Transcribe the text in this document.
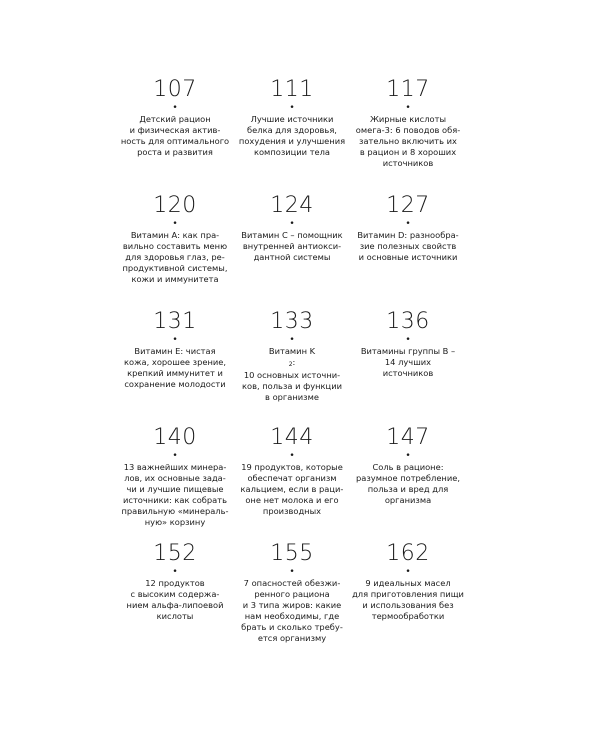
107
•
Детский рацион
и физическая актив-
ность для оптимального
роста и развития
111
•
Лучшие источники
белка для здоровья,
похудения и улучшения
композиции тела
117
•
Жирные кислоты
омега-3: 6 поводов обя-
зательно включить их
в рацион и 8 хороших
источников
120
•
Витамин А: как пра-
вильно составить меню
для здоровья глаз, ре-
продуктивной системы,
кожи и иммунитета
124
•
Витамин С – помощник
внутренней антиокси-
дантной системы
127
•
Витамин D: разнообра-
зие полезных свойств
и основные источники
131
•
Витамин Е: чистая
кожа, хорошее зрение,
крепкий иммунитет и
сохранение молодости
133
•
Витамин K
$_2$:
10 основных источни-
ков, польза и функции
в организме
136
•
Витамины группы В –
14 лучших
источников
140
•
13 важнейших минера-
лов, их основные зада-
чи и лучшие пищевые
источники: как собрать
правильную «минераль-
ную» корзину
144
•
19 продуктов, которые
обеспечат организм
кальцием, если в раци-
оне нет молока и его
производных
147
•
Соль в рационе:
разумное потребление,
польза и вред для
организма
152
•
12 продуктов
с высоким содержа-
нием альфа-липоевой
кислоты
155
•
7 опасностей обезжи-
ренного рациона
и 3 типа жиров: какие
нам необходимы, где
брать и сколько требу-
ется организму
162
•
9 идеальных масел
для приготовления пищи
и использования без
термообработки
